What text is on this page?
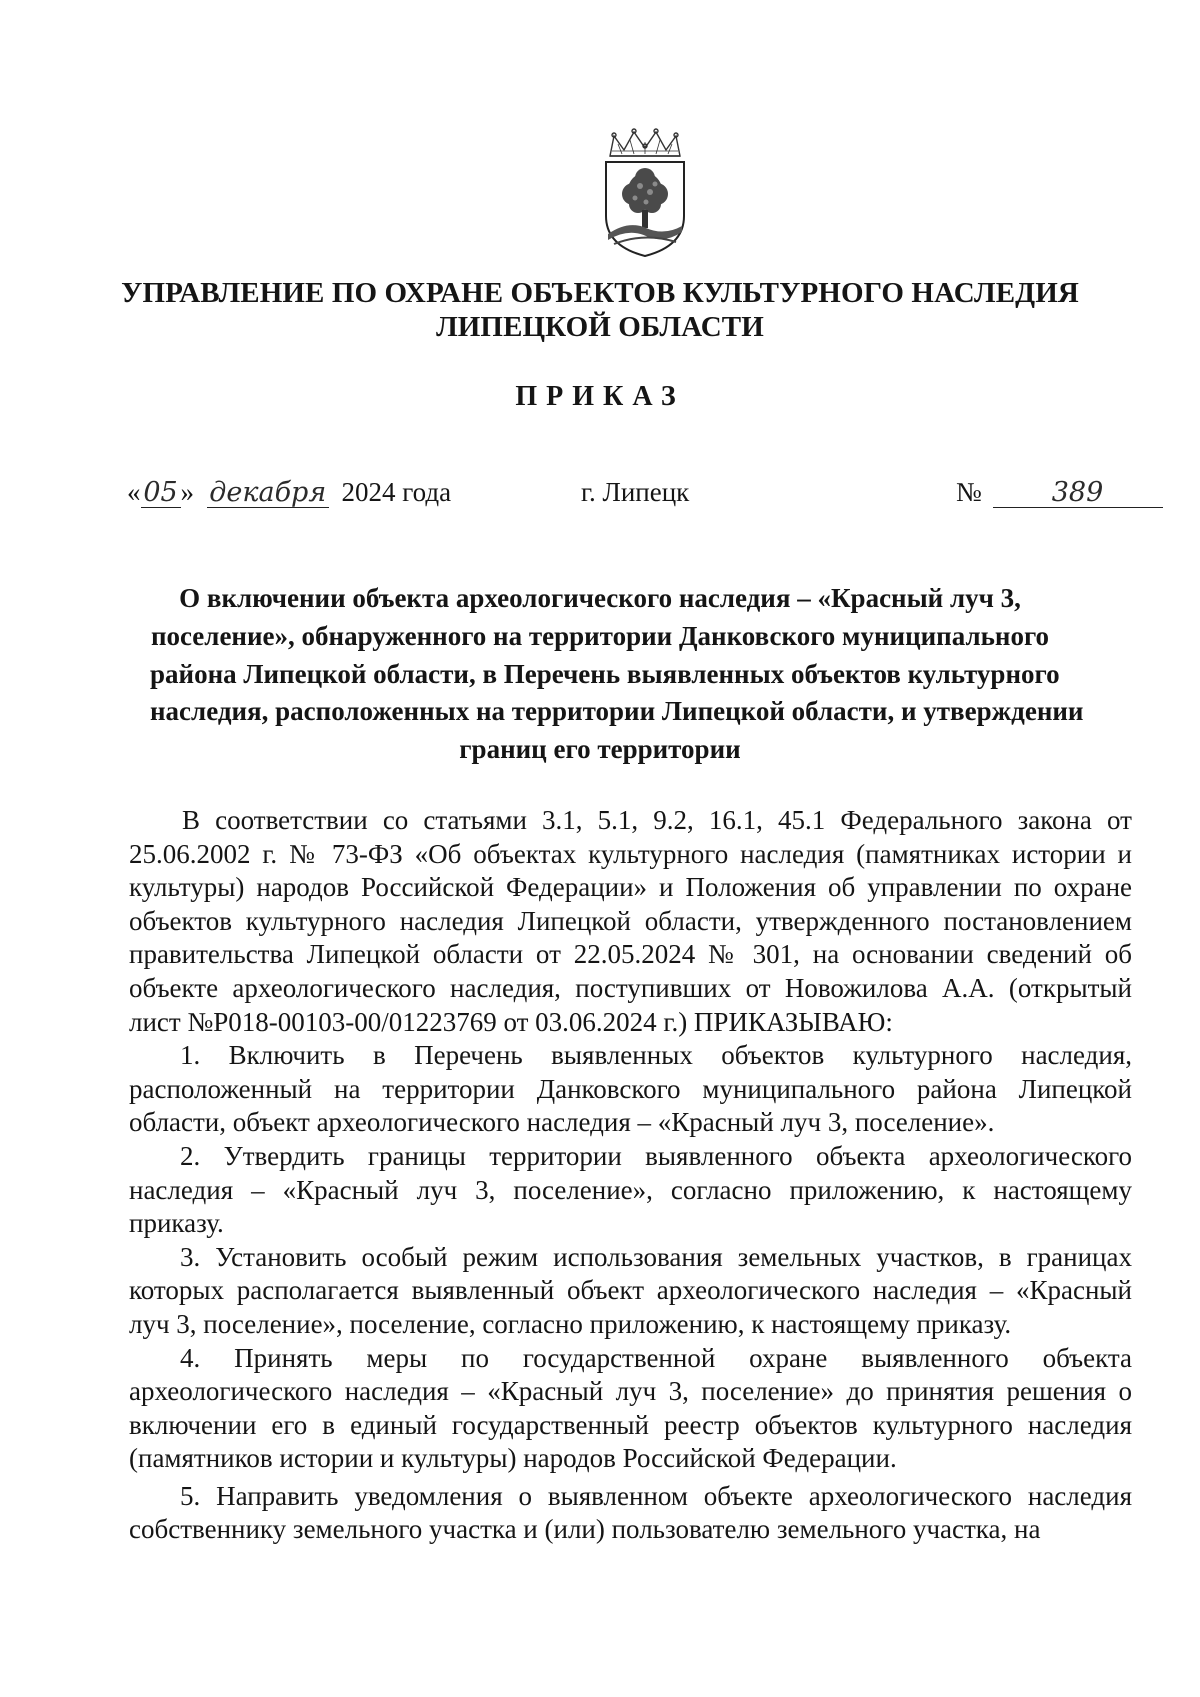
УПРАВЛЕНИЕ ПО ОХРАНЕ ОБЪЕКТОВ КУЛЬТУРНОГО НАСЛЕДИЯ
ЛИПЕЦКОЙ ОБЛАСТИ
ПРИКАЗ
« 05 » декабря 2024 года	г. Липецк	№	389
О включении объекта археологического наследия – «Красный луч 3,
поселение», обнаруженного на территории Данковского муниципального
района Липецкой области, в Перечень выявленных объектов культурного
наследия, расположенных на территории Липецкой области, и утверждении
границ его территории

В соответствии со статьями 3.1, 5.1, 9.2, 16.1, 45.1 Федерального закона от 25.06.2002 г. № 73-ФЗ «Об объектах культурного наследия (памятниках истории и культуры) народов Российской Федерации» и Положения об управлении по охране объектов культурного наследия Липецкой области, утвержденного постановлением правительства Липецкой области от 22.05.2024 № 301, на основании сведений об объекте археологического наследия, поступивших от Новожилова А.А. (открытый лист №Р018-00103-00/01223769 от 03.06.2024 г.) ПРИКАЗЫВАЮ:

1. Включить в Перечень выявленных объектов культурного наследия, расположенный на территории Данковского муниципального района Липецкой области, объект археологического наследия – «Красный луч 3, поселение».

2. Утвердить границы территории выявленного объекта археологического наследия – «Красный луч 3, поселение», согласно приложению, к настоящему приказу.

3. Установить особый режим использования земельных участков, в границах которых располагается выявленный объект археологического наследия – «Красный луч 3, поселение», поселение, согласно приложению, к настоящему приказу.

4. Принять меры по государственной охране выявленного объекта археологического наследия – «Красный луч 3, поселение» до принятия решения о включении его в единый государственный реестр объектов культурного наследия (памятников истории и культуры) народов Российской Федерации.

5. Направить уведомления о выявленном объекте археологического наследия собственнику земельного участка и (или) пользователю земельного участка, на
